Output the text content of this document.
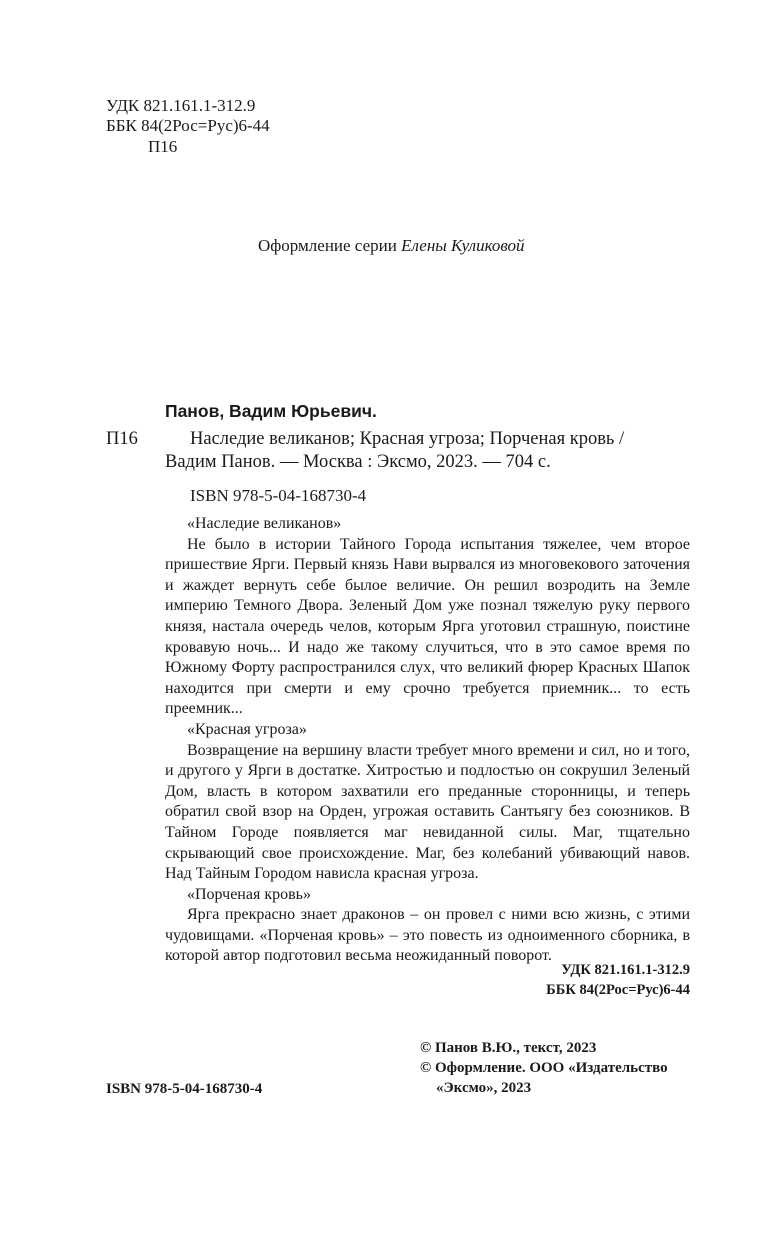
УДК 821.161.1-312.9
ББК 84(2Рос=Рус)6-44
П16
Оформление серии Елены Куликовой
Панов, Вадим Юрьевич.
П16	Наследие великанов; Красная угроза; Порченая кровь /
Вадим Панов. — Москва : Эксмо, 2023. — 704 с.
ISBN 978-5-04-168730-4

«Наследие великанов»

Не было в истории Тайного Города испытания тяжелее, чем второе пришествие Ярги. Первый князь Нави вырвался из многовекового заточения и жаждет вернуть себе былое величие. Он решил возродить на Земле империю Темного Двора. Зеленый Дом уже познал тяжелую руку первого князя, настала очередь челов, которым Ярга уготовил страшную, поистине кровавую ночь... И надо же такому случиться, что в это самое время по Южному Форту распространился слух, что великий фюрер Красных Шапок находится при смерти и ему срочно требуется приемник... то есть преемник...

«Красная угроза»

Возвращение на вершину власти требует много времени и сил, но и того, и другого у Ярги в достатке. Хитростью и подлостью он сокрушил Зеленый Дом, власть в котором захватили его преданные сторонницы, и теперь обратил свой взор на Орден, угрожая оставить Сантьягу без союзников. В Тайном Городе появляется маг невиданной силы. Маг, тщательно скрывающий свое происхождение. Маг, без колебаний убивающий навов. Над Тайным Городом нависла красная угроза.

«Порченая кровь»

Ярга прекрасно знает драконов – он провел с ними всю жизнь, с этими чудовищами. «Порченая кровь» – это повесть из одноименного сборника, в которой автор подготовил весьма неожиданный поворот.

УДК 821.161.1-312.9
ББК 84(2Рос=Рус)6-44
ISBN 978-5-04-168730-4
© Панов В.Ю., текст, 2023
© Оформление. ООО «Издательство
«Эксмо», 2023
